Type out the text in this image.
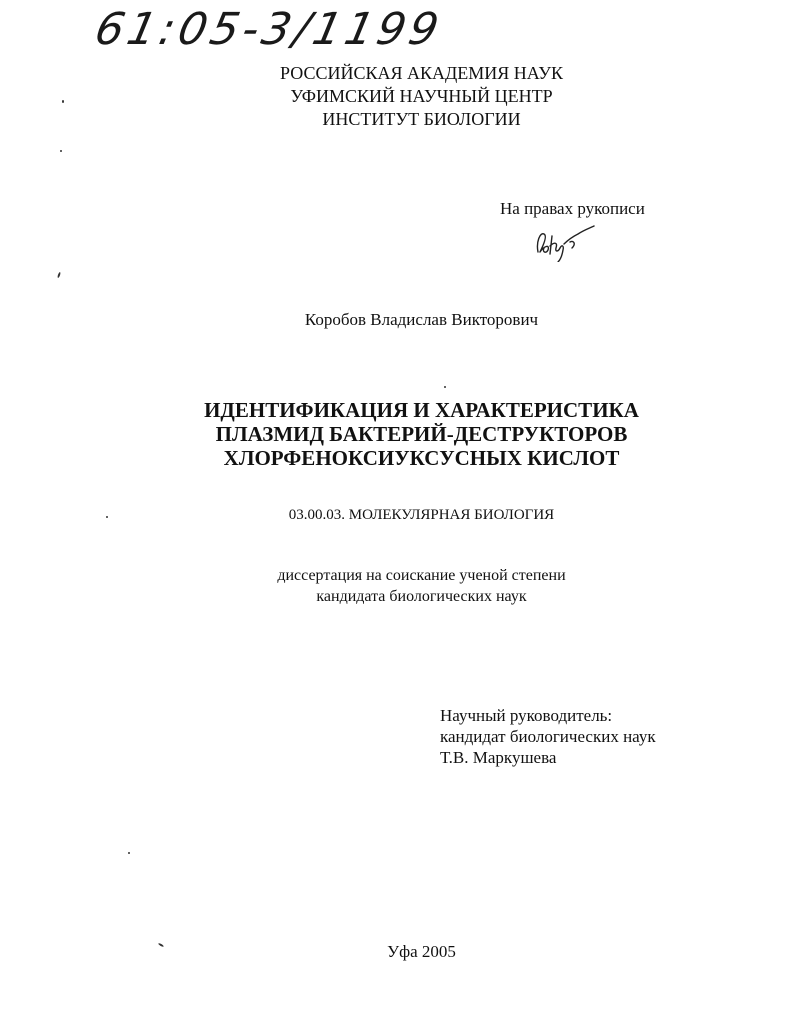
61:05-3/1199
РОССИЙСКАЯ АКАДЕМИЯ НАУК
УФИМСКИЙ НАУЧНЫЙ ЦЕНТР
ИНСТИТУТ БИОЛОГИИ
На правах рукописи
Коробов Владислав Викторович
ИДЕНТИФИКАЦИЯ И ХАРАКТЕРИСТИКА
ПЛАЗМИД БАКТЕРИЙ-ДЕСТРУКТОРОВ
ХЛОРФЕНОКСИУКСУСНЫХ КИСЛОТ
03.00.03. МОЛЕКУЛЯРНАЯ БИОЛОГИЯ
диссертация на соискание ученой степени
кандидата биологических наук
Научный руководитель:
кандидат биологических наук
Т.В. Маркушева
Уфа 2005
